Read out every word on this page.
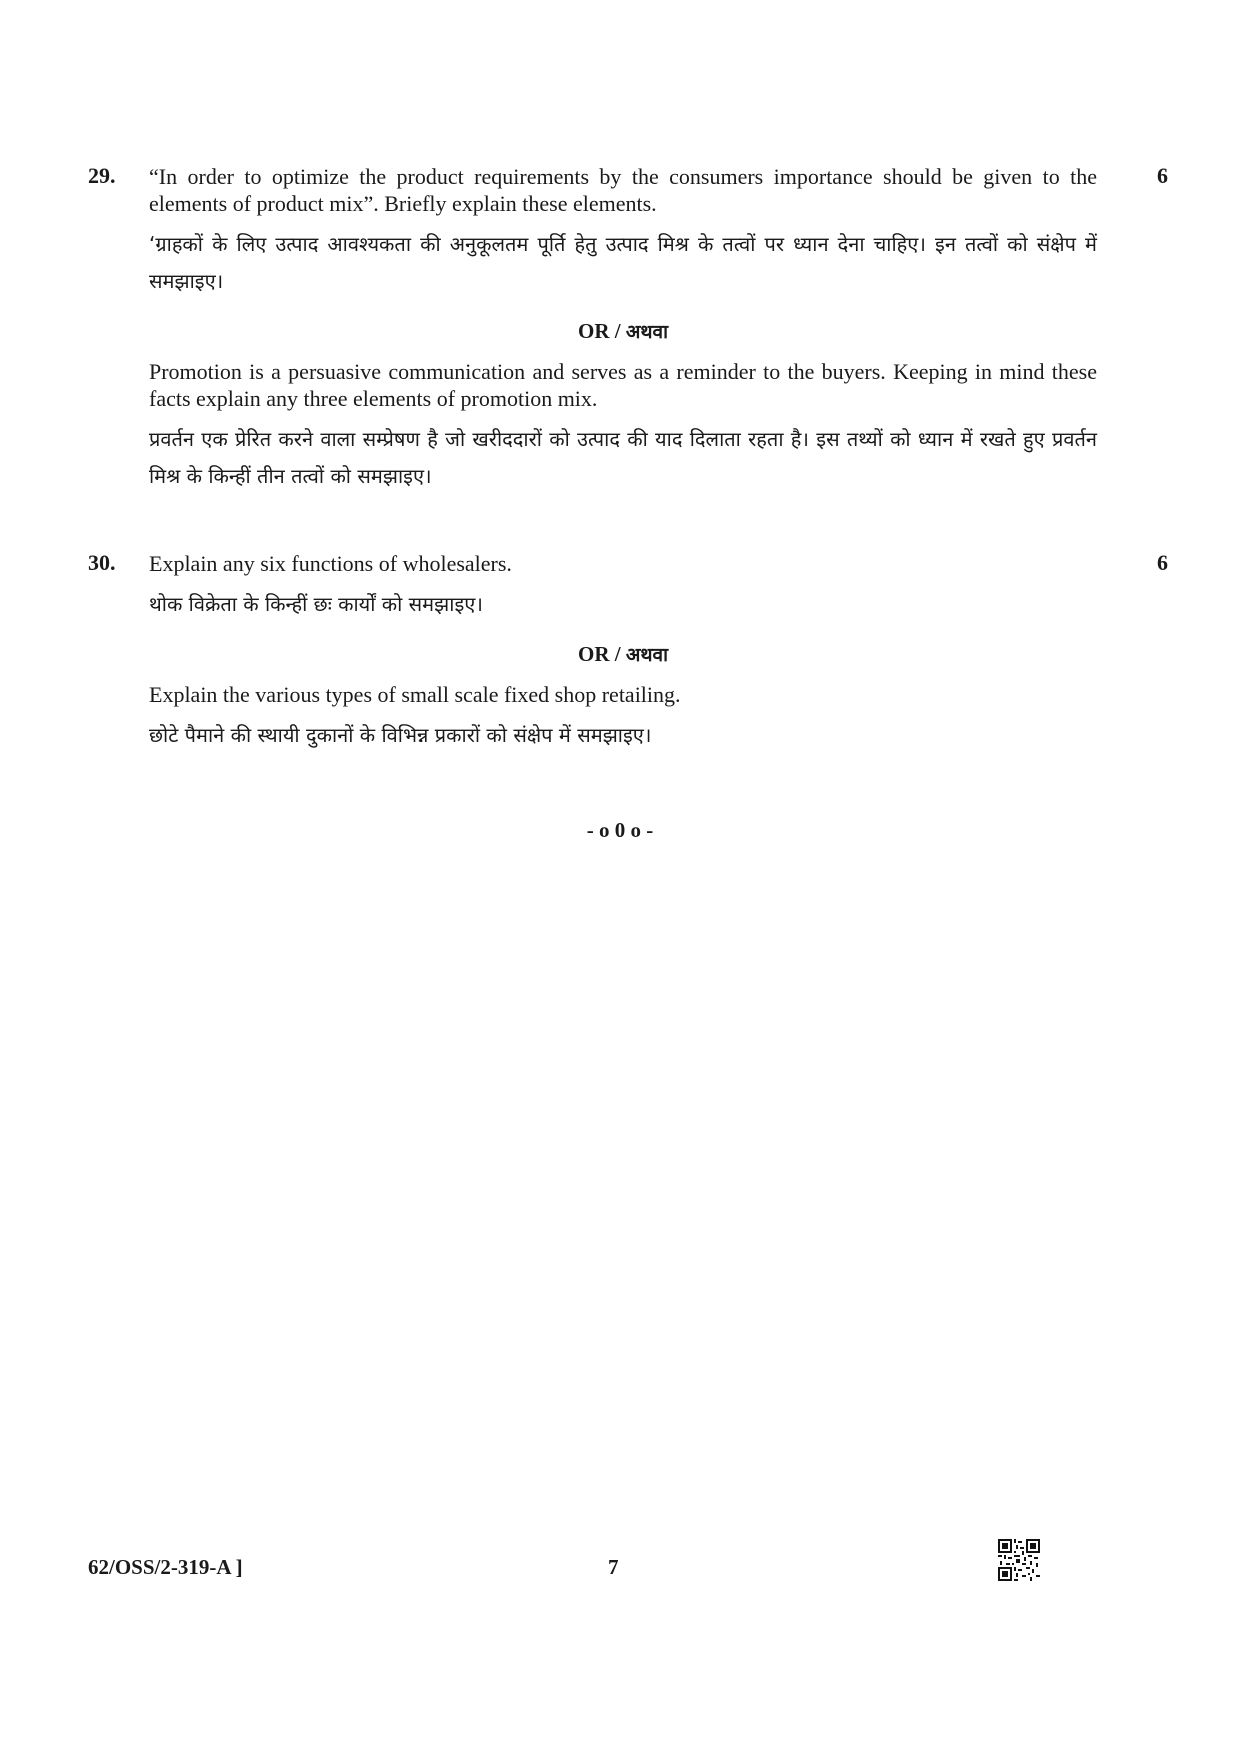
29.	6

“In order to optimize the product requirements by the consumers importance should be given to the elements of product mix”. Briefly explain these elements.

‘ग्राहकों के लिए उत्पाद आवश्यकता की अनुकूलतम पूर्ति हेतु उत्पाद मिश्र के तत्वों पर ध्यान देना चाहिए। इन तत्वों को संक्षेप में समझाइए।

OR / अथवा

Promotion is a persuasive communication and serves as a reminder to the buyers. Keeping in mind these facts explain any three elements of promotion mix.

प्रवर्तन एक प्रेरित करने वाला सम्प्रेषण है जो खरीददारों को उत्पाद की याद दिलाता रहता है। इस तथ्यों को ध्यान में रखते हुए प्रवर्तन मिश्र के किन्हीं तीन तत्वों को समझाइए।

30.	6

Explain any six functions of wholesalers.

थोक विक्रेता के किन्हीं छः कार्यों को समझाइए।

OR / अथवा

Explain the various types of small scale fixed shop retailing.

छोटे पैमाने की स्थायी दुकानों के विभिन्न प्रकारों को संक्षेप में समझाइए।

- o 0 o -
62/OSS/2-319-A ]	7
